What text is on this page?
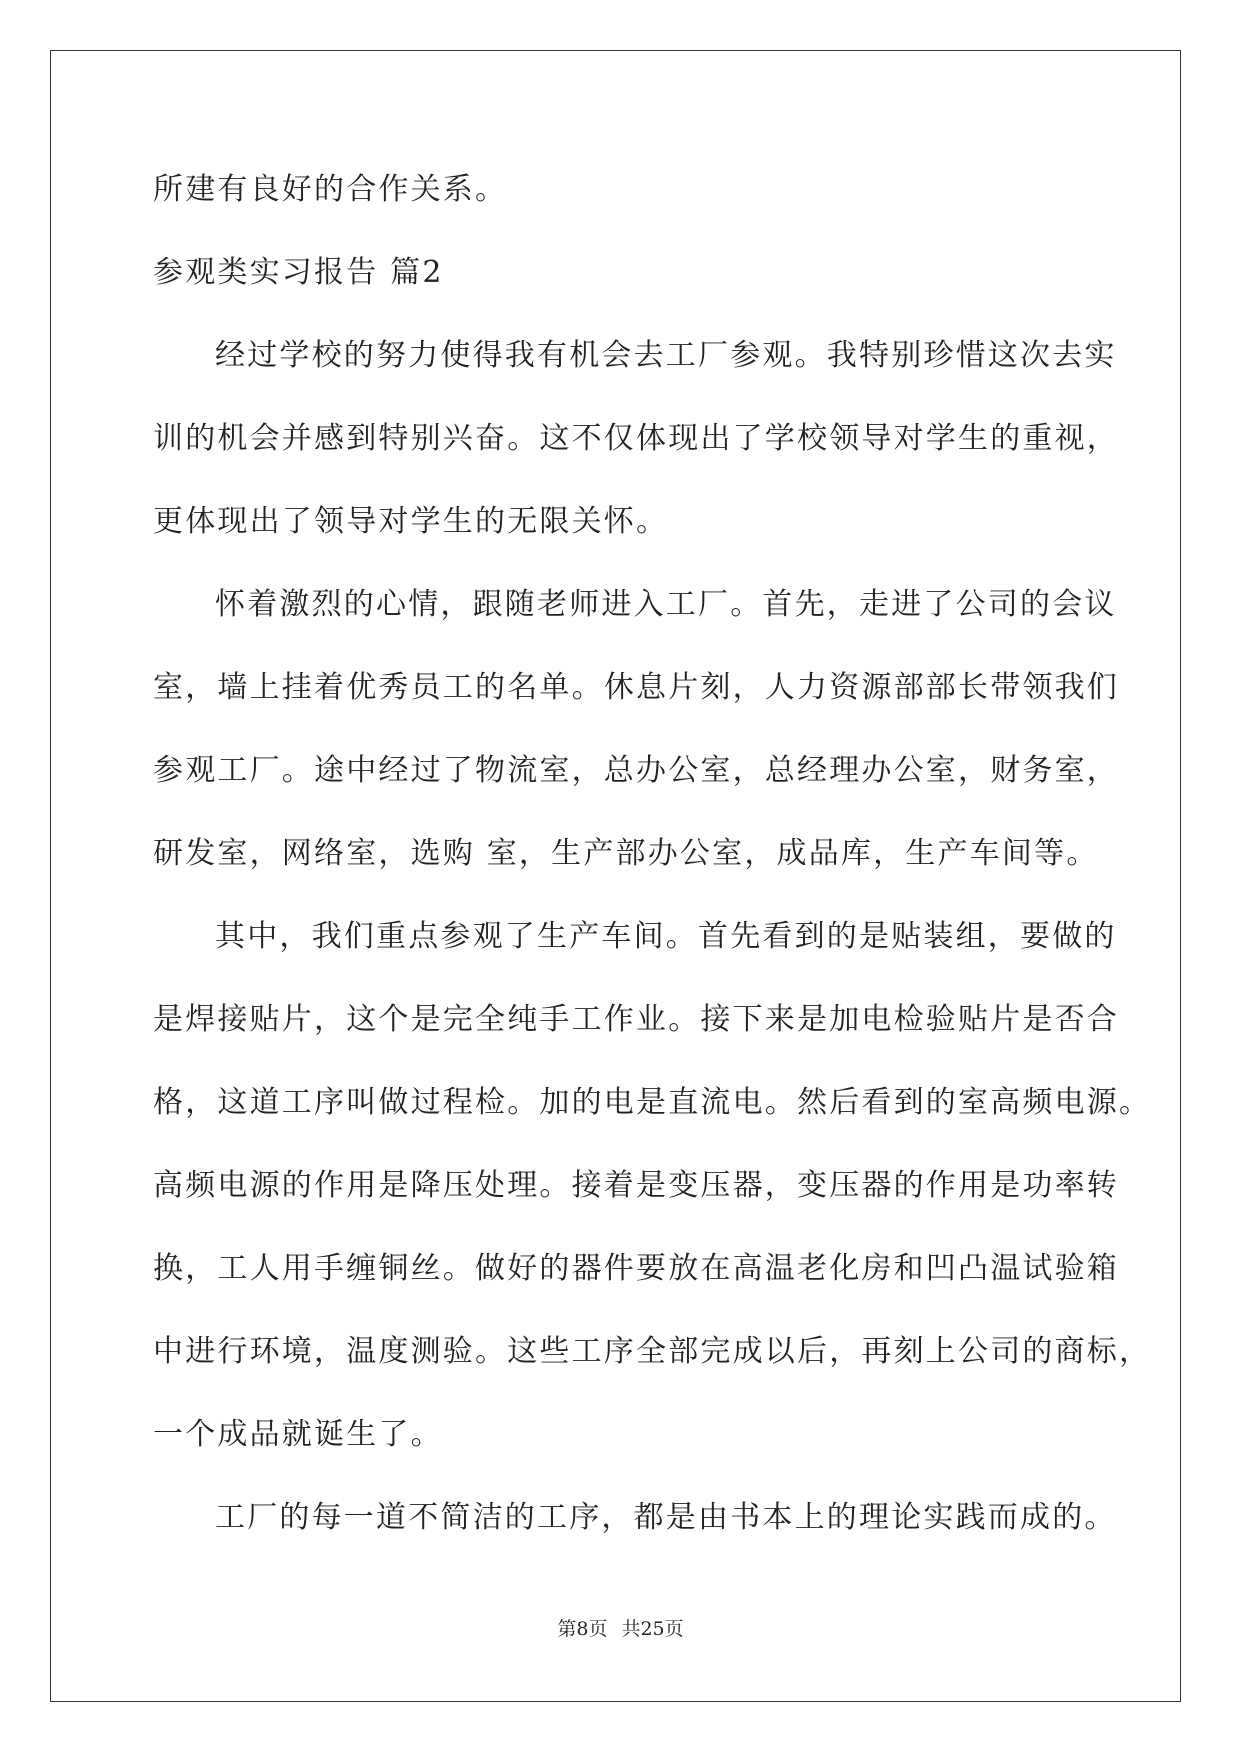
所建有良好的合作关系。
参观类实习报告 篇2
经过学校的努力使得我有机会去工厂参观。我特别珍惜这次去实
训的机会并感到特别兴奋。这不仅体现出了学校领导对学生的重视，
更体现出了领导对学生的无限关怀。
怀着激烈的心情，跟随老师进入工厂。首先，走进了公司的会议
室，墙上挂着优秀员工的名单。休息片刻，人力资源部部长带领我们
参观工厂。途中经过了物流室，总办公室，总经理办公室，财务室，
研发室，网络室，选购 室，生产部办公室，成品库，生产车间等。
其中，我们重点参观了生产车间。首先看到的是贴装组，要做的
是焊接贴片，这个是完全纯手工作业。接下来是加电检验贴片是否合
格，这道工序叫做过程检。加的电是直流电。然后看到的室高频电源。
高频电源的作用是降压处理。接着是变压器，变压器的作用是功率转
换，工人用手缠铜丝。做好的器件要放在高温老化房和凹凸温试验箱
中进行环境，温度测验。这些工序全部完成以后，再刻上公司的商标，
一个成品就诞生了。
工厂的每一道不简洁的工序，都是由书本上的理论实践而成的。
第8页 共25页
